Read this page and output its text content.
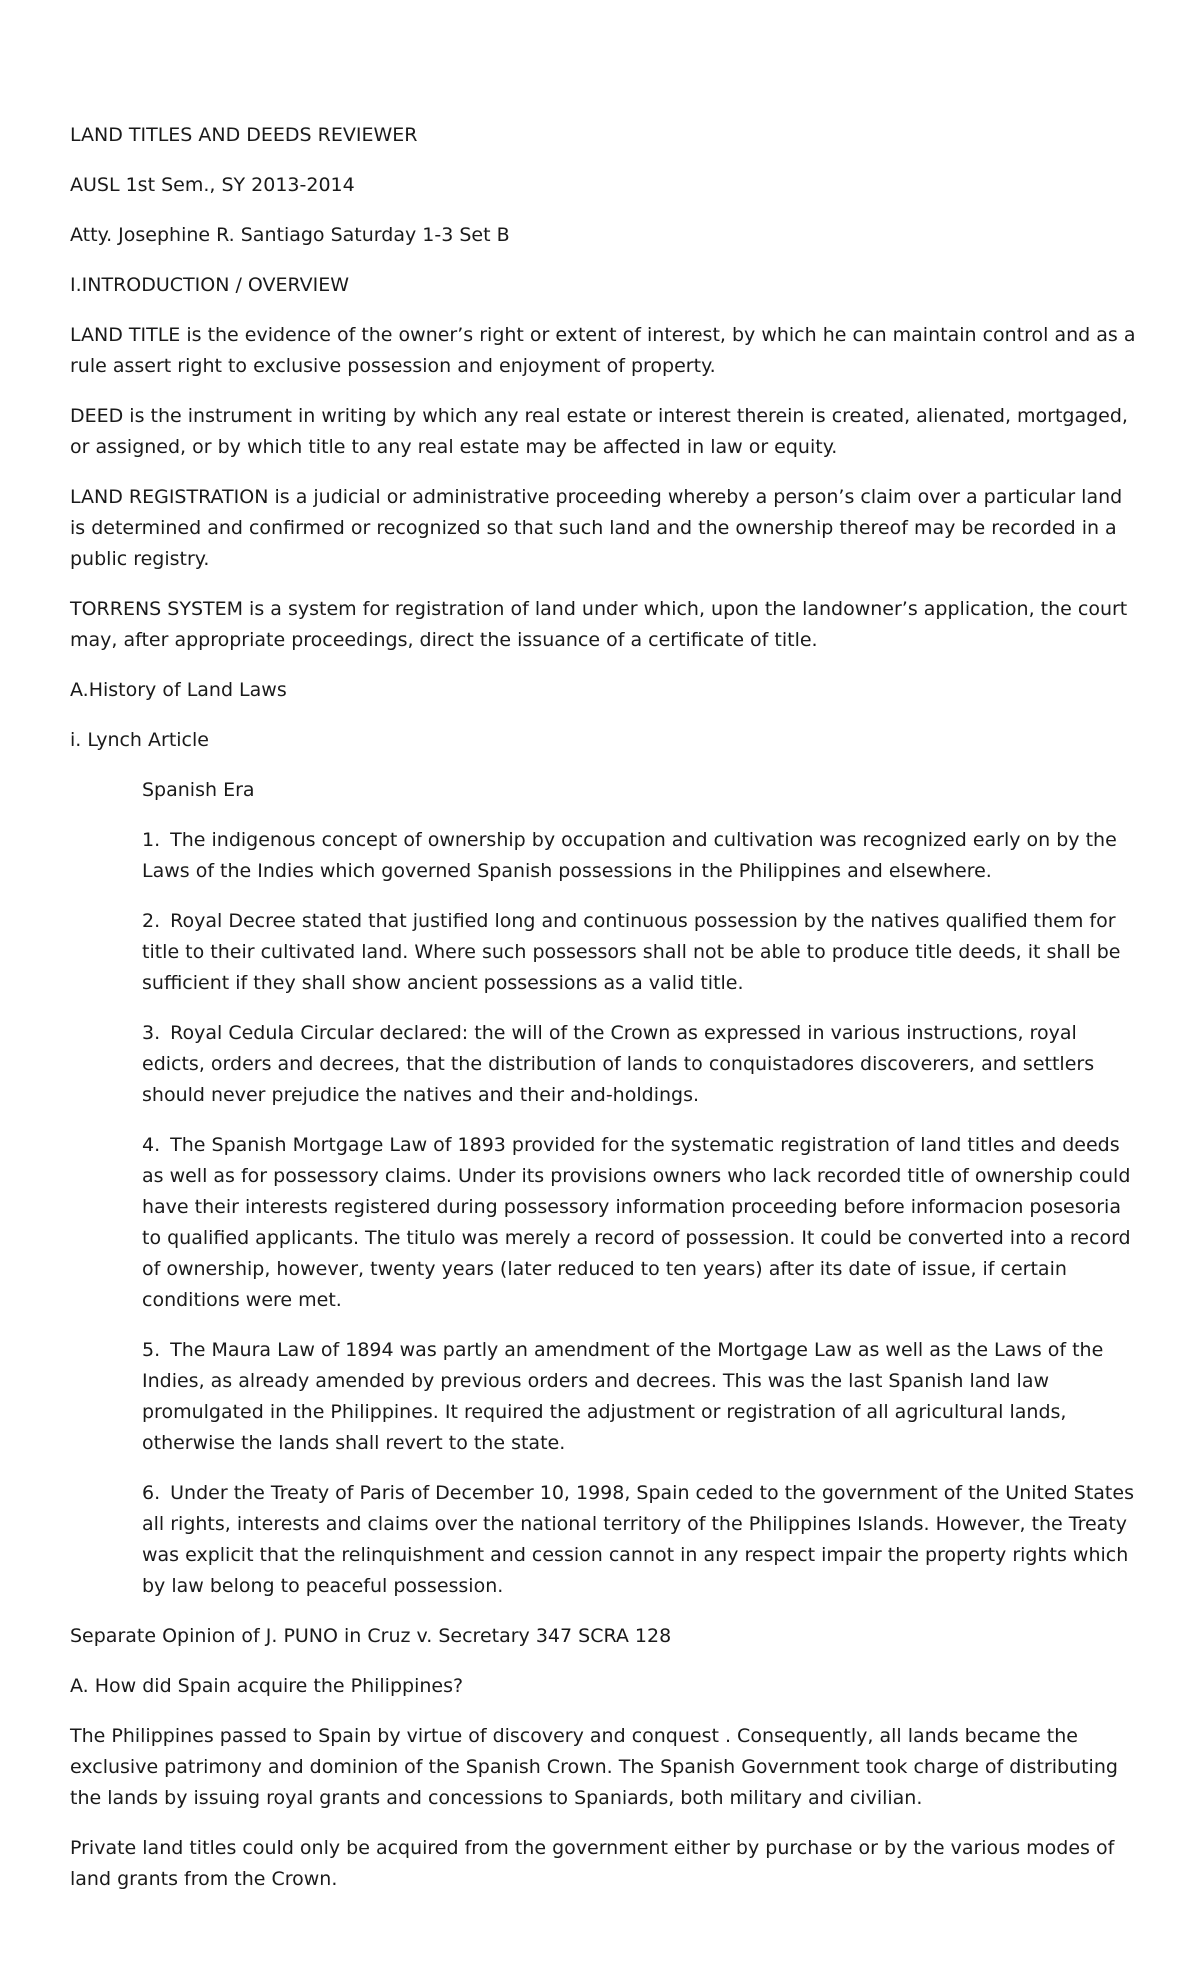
LAND TITLES AND DEEDS REVIEWER

AUSL 1st Sem., SY 2013-2014

Atty. Josephine R. Santiago Saturday 1-3 Set B

I.INTRODUCTION / OVERVIEW

LAND TITLE is the evidence of the owner’s right or extent of interest, by which he can maintain control and as a rule assert right to exclusive possession and enjoyment of property.

DEED is the instrument in writing by which any real estate or interest therein is created, alienated, mortgaged, or assigned, or by which title to any real estate may be affected in law or equity.

LAND REGISTRATION is a judicial or administrative proceeding whereby a person’s claim over a particular land is determined and confirmed or recognized so that such land and the ownership thereof may be recorded in a public registry.

TORRENS SYSTEM is a system for registration of land under which, upon the landowner’s application, the court may, after appropriate proceedings, direct the issuance of a certificate of title.

A.History of Land Laws

i. Lynch Article

Spanish Era

1. The indigenous concept of ownership by occupation and cultivation was recognized early on by the Laws of the Indies which governed Spanish possessions in the Philippines and elsewhere.

2. Royal Decree stated that justified long and continuous possession by the natives qualified them for title to their cultivated land. Where such possessors shall not be able to produce title deeds, it shall be sufficient if they shall show ancient possessions as a valid title.

3. Royal Cedula Circular declared: the will of the Crown as expressed in various instructions, royal edicts, orders and decrees, that the distribution of lands to conquistadores discoverers, and settlers should never prejudice the natives and their and-holdings.

4. The Spanish Mortgage Law of 1893 provided for the systematic registration of land titles and deeds as well as for possessory claims. Under its provisions owners who lack recorded title of ownership could have their interests registered during possessory information proceeding before informacion posesoria to qualified applicants. The titulo was merely a record of possession. It could be converted into a record of ownership, however, twenty years (later reduced to ten years) after its date of issue, if certain conditions were met.

5. The Maura Law of 1894 was partly an amendment of the Mortgage Law as well as the Laws of the Indies, as already amended by previous orders and decrees. This was the last Spanish land law promulgated in the Philippines. It required the adjustment or registration of all agricultural lands, otherwise the lands shall revert to the state.

6. Under the Treaty of Paris of December 10, 1998, Spain ceded to the government of the United States all rights, interests and claims over the national territory of the Philippines Islands. However, the Treaty was explicit that the relinquishment and cession cannot in any respect impair the property rights which by law belong to peaceful possession.

Separate Opinion of J. PUNO in Cruz v. Secretary 347 SCRA 128

A. How did Spain acquire the Philippines?

The Philippines passed to Spain by virtue of discovery and conquest . Consequently, all lands became the exclusive patrimony and dominion of the Spanish Crown. The Spanish Government took charge of distributing the lands by issuing royal grants and concessions to Spaniards, both military and civilian.

Private land titles could only be acquired from the government either by purchase or by the various modes of land grants from the Crown.
